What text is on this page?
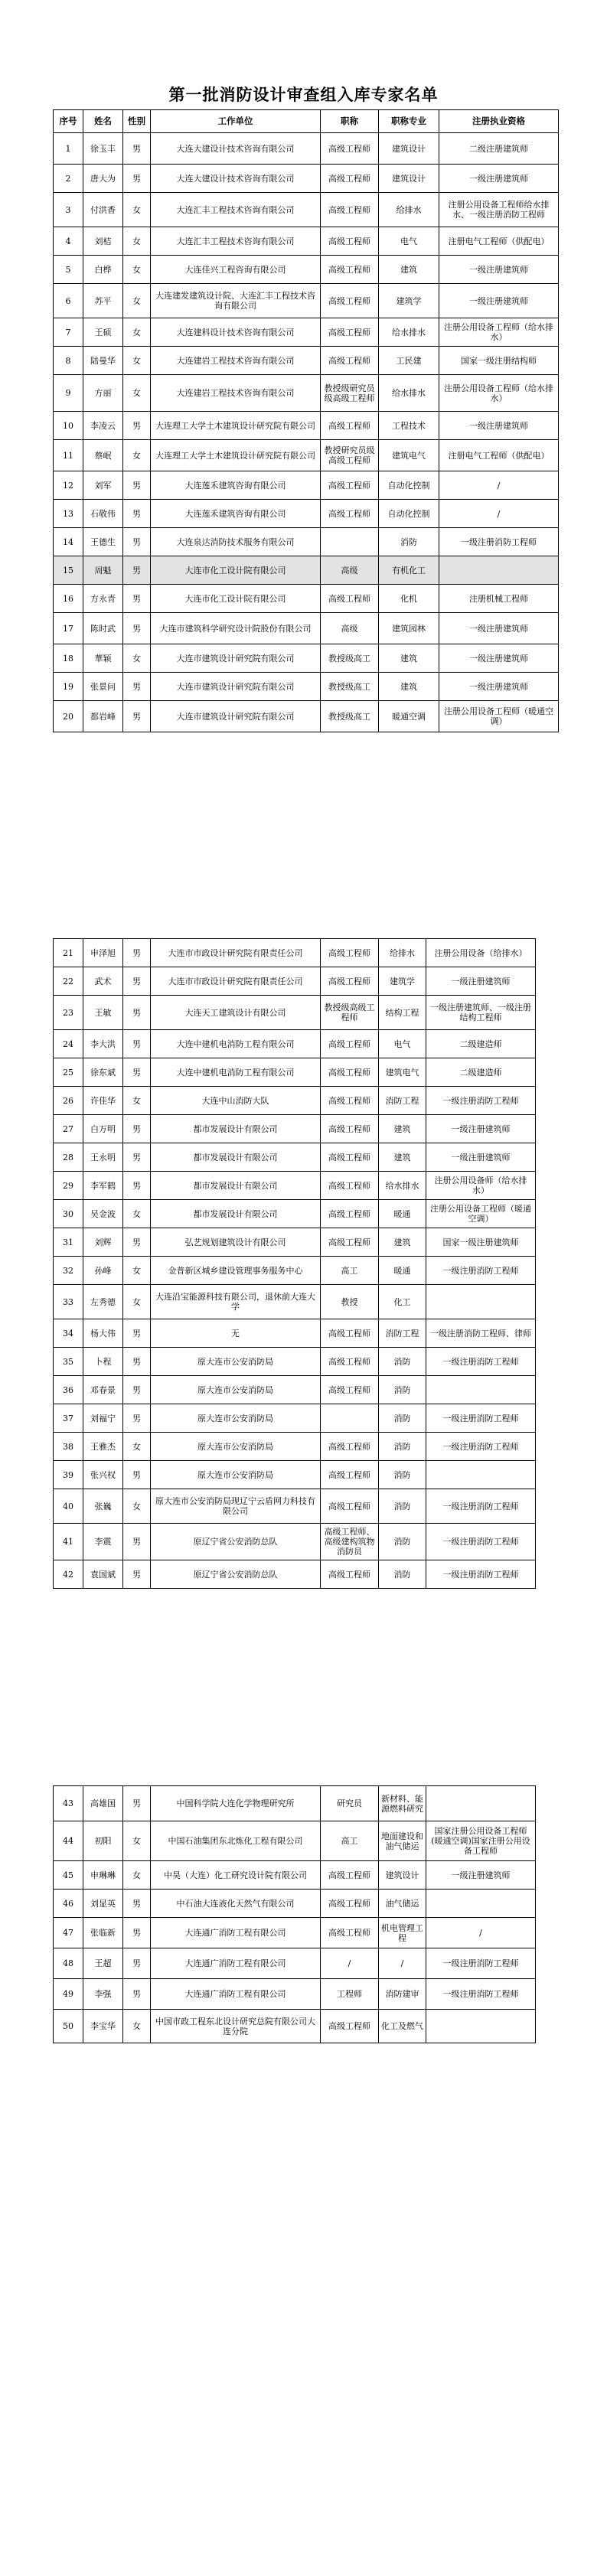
第一批消防设计审查组入库专家名单
序号	姓名	性别	工作单位	职称	职称专业	注册执业资格
1	徐玉丰	男	大连大建设计技术咨询有限公司	高级工程师	建筑设计	二级注册建筑师
2	唐大为	男	大连大建设计技术咨询有限公司	高级工程师	建筑设计	一级注册建筑师
3	付洪香	女	大连汇丰工程技术咨询有限公司	高级工程师	给排水	注册公用设备工程师给水排水、一级注册消防工程师
4	刘桔	女	大连汇丰工程技术咨询有限公司	高级工程师	电气	注册电气工程师（供配电）
5	白桦	女	大连佳兴工程咨询有限公司	高级工程师	建筑	一级注册建筑师
6	苏平	女	大连建发建筑设计院、大连汇丰工程技术咨询有限公司	高级工程师	建筑学	一级注册建筑师
7	王硕	女	大连建科设计技术咨询有限公司	高级工程师	给水排水	注册公用设备工程师（给水排水）
8	陆曼华	女	大连建岩工程技术咨询有限公司	高级工程师	工民建	国家一级注册结构师
9	方丽	女	大连建岩工程技术咨询有限公司	教授级研究员级高级工程师	给水排水	注册公用设备工程师（给水排水）
10	李凌云	男	大连理工大学土木建筑设计研究院有限公司	高级工程师	工程技术	一级注册建筑师
11	蔡岷	女	大连理工大学土木建筑设计研究院有限公司	教授研究员级高级工程师	建筑电气	注册电气工程师（供配电）
12	刘军	男	大连莲禾建筑咨询有限公司	高级工程师	自动化控制	/
13	石敬伟	男	大连莲禾建筑咨询有限公司	高级工程师	自动化控制	/
14	王德生	男	大连泉达消防技术服务有限公司		消防	一级注册消防工程师
15	周魁	男	大连市化工设计院有限公司	高级	有机化工	
16	方永青	男	大连市化工设计院有限公司	高级工程师	化机	注册机械工程师
17	陈时武	男	大连市建筑科学研究设计院股份有限公司	高级	建筑园林	一级注册建筑师
18	華颖	女	大连市建筑设计研究院有限公司	教授级高工	建筑	一级注册建筑师
19	张景问	男	大连市建筑设计研究院有限公司	教授级高工	建筑	一级注册建筑师
20	都岩峰	男	大连市建筑设计研究院有限公司	教授级高工	暖通空调	注册公用设备工程师（暖通空调）
21	申泽旭	男	大连市市政设计研究院有限责任公司	高级工程师	给排水	注册公用设备（给排水）
22	武术	男	大连市市政设计研究院有限责任公司	高级工程师	建筑学	一级注册建筑师
23	王敏	男	大连天工建筑设计有限公司	教授级高级工程师	结构工程	一级注册建筑师、一级注册结构工程师
24	李大洪	男	大连中建机电消防工程有限公司	高级工程师	电气	二级建造师
25	徐东斌	男	大连中建机电消防工程有限公司	高级工程师	建筑电气	二级建造师
26	许佳华	女	大连中山消防大队	高级工程师	消防工程	一级注册消防工程师
27	白万明	男	都市发展设计有限公司	高级工程师	建筑	一级注册建筑师
28	王永明	男	都市发展设计有限公司	高级工程师	建筑	一级注册建筑师
29	李军鹤	男	都市发展设计有限公司	高级工程师	给水排水	注册公用设备师（给水排水）
30	吴金波	女	都市发展设计有限公司	高级工程师	暖通	注册公用设备工程师（暖通空调）
31	刘辉	男	弘艺规划建筑设计有限公司	高级工程师	建筑	国家一级注册建筑师
32	孙峰	女	金普新区城乡建设管理事务服务中心	高工	暖通	一级注册消防工程师
33	左秀德	女	大连沿宝能源科技有限公司，退休前大连大学	教授	化工	
34	杨大伟	男	无	高级工程师	消防工程	一级注册消防工程师、律师
35	卜程	男	原大连市公安消防局	高级工程师	消防	一级注册消防工程师
36	邓春景	男	原大连市公安消防局	高级工程师	消防	
37	刘福宁	男	原大连市公安消防局		消防	一级注册消防工程师
38	王雅杰	女	原大连市公安消防局	高级工程师	消防	一级注册消防工程师
39	张兴权	男	原大连市公安消防局	高级工程师	消防	
40	张巍	女	原大连市公安消防局现辽宁云盾网力科技有限公司	高级工程师	消防	一级注册消防工程师
41	李震	男	原辽宁省公安消防总队	高级工程师、高级建构筑物消防员	消防	一级注册消防工程师
42	袁国斌	男	原辽宁省公安消防总队	高级工程师	消防	一级注册消防工程师
43	高雄国	男	中国科学院大连化学物理研究所	研究员	新材料、能源燃料研究	
44	初阳	女	中国石油集团东北炼化工程有限公司	高工	地面建设和油气储运	国家注册公用设备工程师(暖通空调)国家注册公用设备工程师
45	申琳琳	女	中昊（大连）化工研究设计院有限公司	高级工程师	建筑设计	一级注册建筑师
46	刘显英	男	中石油大连液化天然气有限公司	高级工程师	油气储运	
47	张临新	男	大连通广消防工程有限公司	高级工程师	机电管理工程	/
48	王超	男	大连通广消防工程有限公司	/	/	一级注册消防工程师
49	李强	男	大连通广消防工程有限公司	工程师	消防建审	一级注册消防工程师
50	李宝华	女	中国市政工程东北设计研究总院有限公司大连分院	高级工程师	化工及燃气	
